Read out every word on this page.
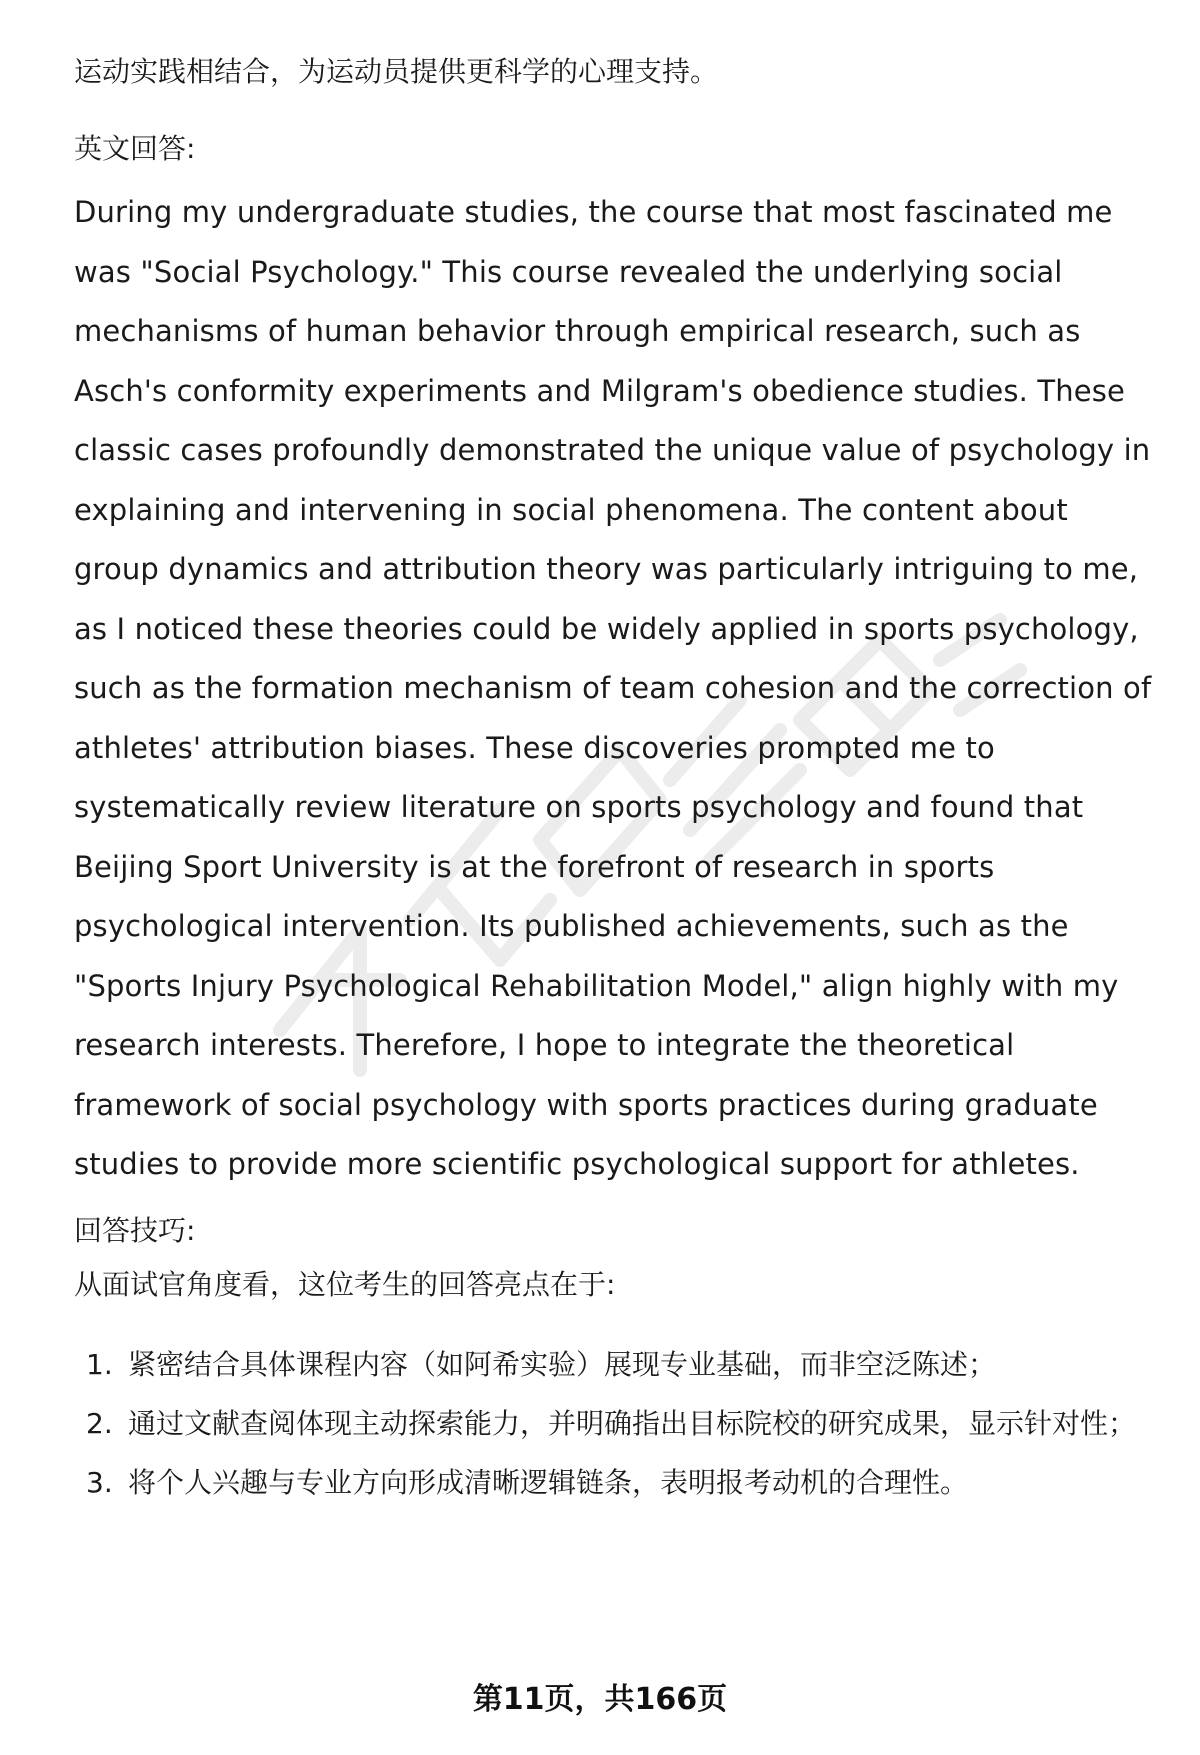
运动实践相结合，为运动员提供更科学的心理支持。

英文回答:

During my undergraduate studies, the course that most fascinated me was "Social Psychology." This course revealed the underlying social mechanisms of human behavior through empirical research, such as Asch's conformity experiments and Milgram's obedience studies. These classic cases profoundly demonstrated the unique value of psychology in explaining and intervening in social phenomena. The content about group dynamics and attribution theory was particularly intriguing to me, as I noticed these theories could be widely applied in sports psychology, such as the formation mechanism of team cohesion and the correction of athletes' attribution biases. These discoveries prompted me to systematically review literature on sports psychology and found that Beijing Sport University is at the forefront of research in sports psychological intervention. Its published achievements, such as the "Sports Injury Psychological Rehabilitation Model," align highly with my research interests. Therefore, I hope to integrate the theoretical framework of social psychology with sports practices during graduate studies to provide more scientific psychological support for athletes.

回答技巧:

从面试官角度看，这位考生的回答亮点在于:

1. 紧密结合具体课程内容（如阿希实验）展现专业基础，而非空泛陈述；
2. 通过文献查阅体现主动探索能力，并明确指出目标院校的研究成果，显示针对性；
3. 将个人兴趣与专业方向形成清晰逻辑链条，表明报考动机的合理性。
第11页，共166页
